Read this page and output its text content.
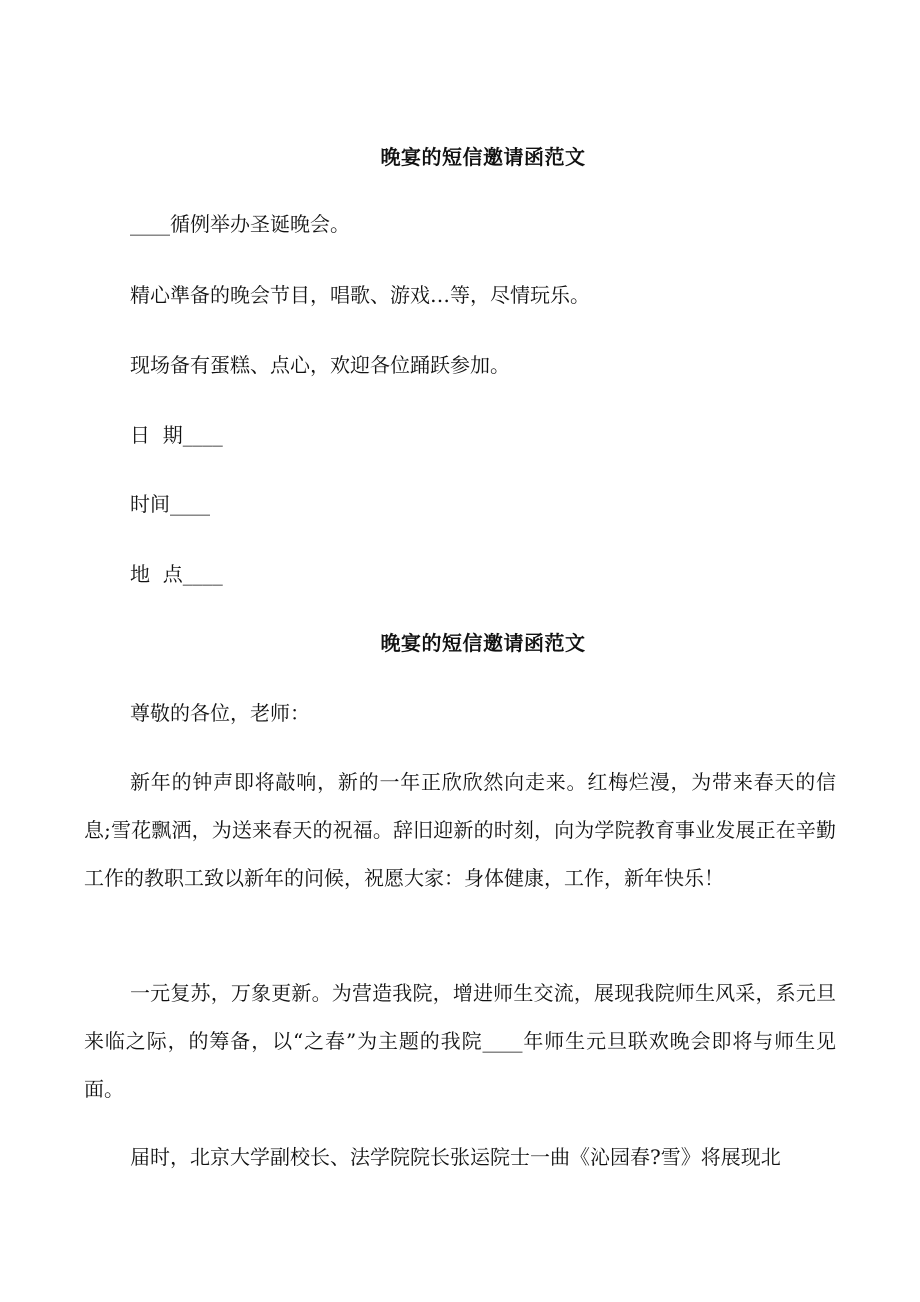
晚宴的短信邀请函范文
____循例举办圣诞晚会。
精心準备的晚会节目，唱歌、游戏…等，尽情玩乐。
现场备有蛋糕、点心，欢迎各位踊跃参加。
日  期____
时间____
地  点____
晚宴的短信邀请函范文
尊敬的各位，老师：
新年的钟声即将敲响，新的一年正欣欣然向走来。红梅烂漫，为带来春天的信息;雪花飘洒，为送来春天的祝福。辞旧迎新的时刻，向为学院教育事业发展正在辛勤工作的教职工致以新年的问候，祝愿大家：身体健康，工作，新年快乐！
一元复苏，万象更新。为营造我院，增进师生交流，展现我院师生风采，系元旦来临之际，的筹备，以“之春”为主题的我院____年师生元旦联欢晚会即将与师生见面。
届时，北京大学副校长、法学院院长张运院士一曲《沁园春?雪》将展现北
